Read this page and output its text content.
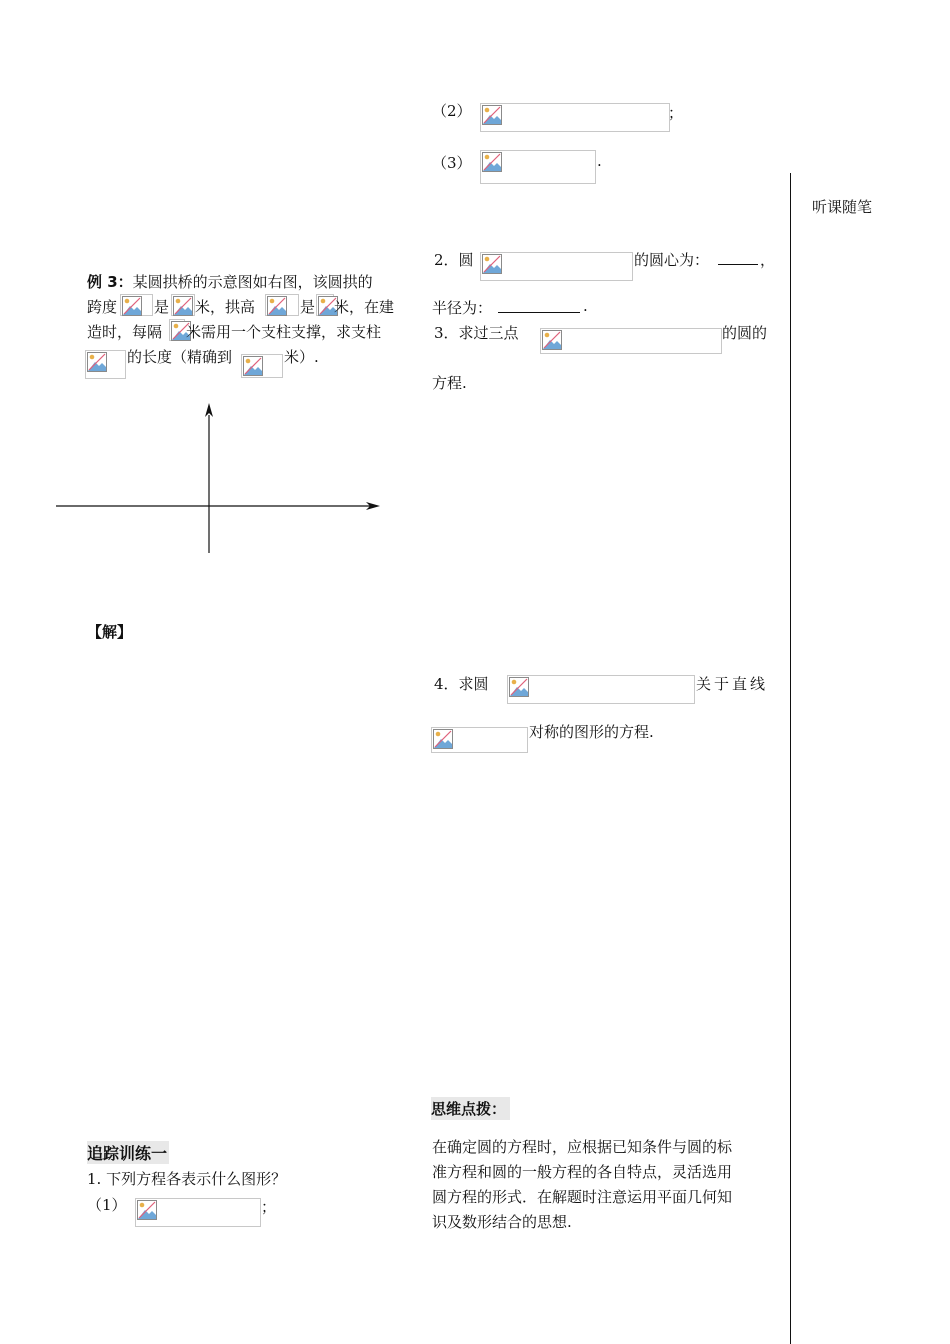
（2）	；
（3）	.
听课随笔
2．圆	的圆心为：	，
半径为：	.
3．求过三点	的圆的
方程.
4．求圆	关于直线
对称的图形的方程.
思维点拨：
在确定圆的方程时，应根据已知条件与圆的标
准方程和圆的一般方程的各自特点，灵活选用
圆方程的形式．在解题时注意运用平面几何知
识及数形结合的思想.
例 3：某圆拱桥的示意图如右图，该圆拱的
跨度 是 米，拱高	是 米，在建
造时，每隔 米需用一个支柱支撑，求支柱
的长度（精确到	米）.
【解】
追踪训练一
1. 下列方程各表示什么图形？
（1）	；
